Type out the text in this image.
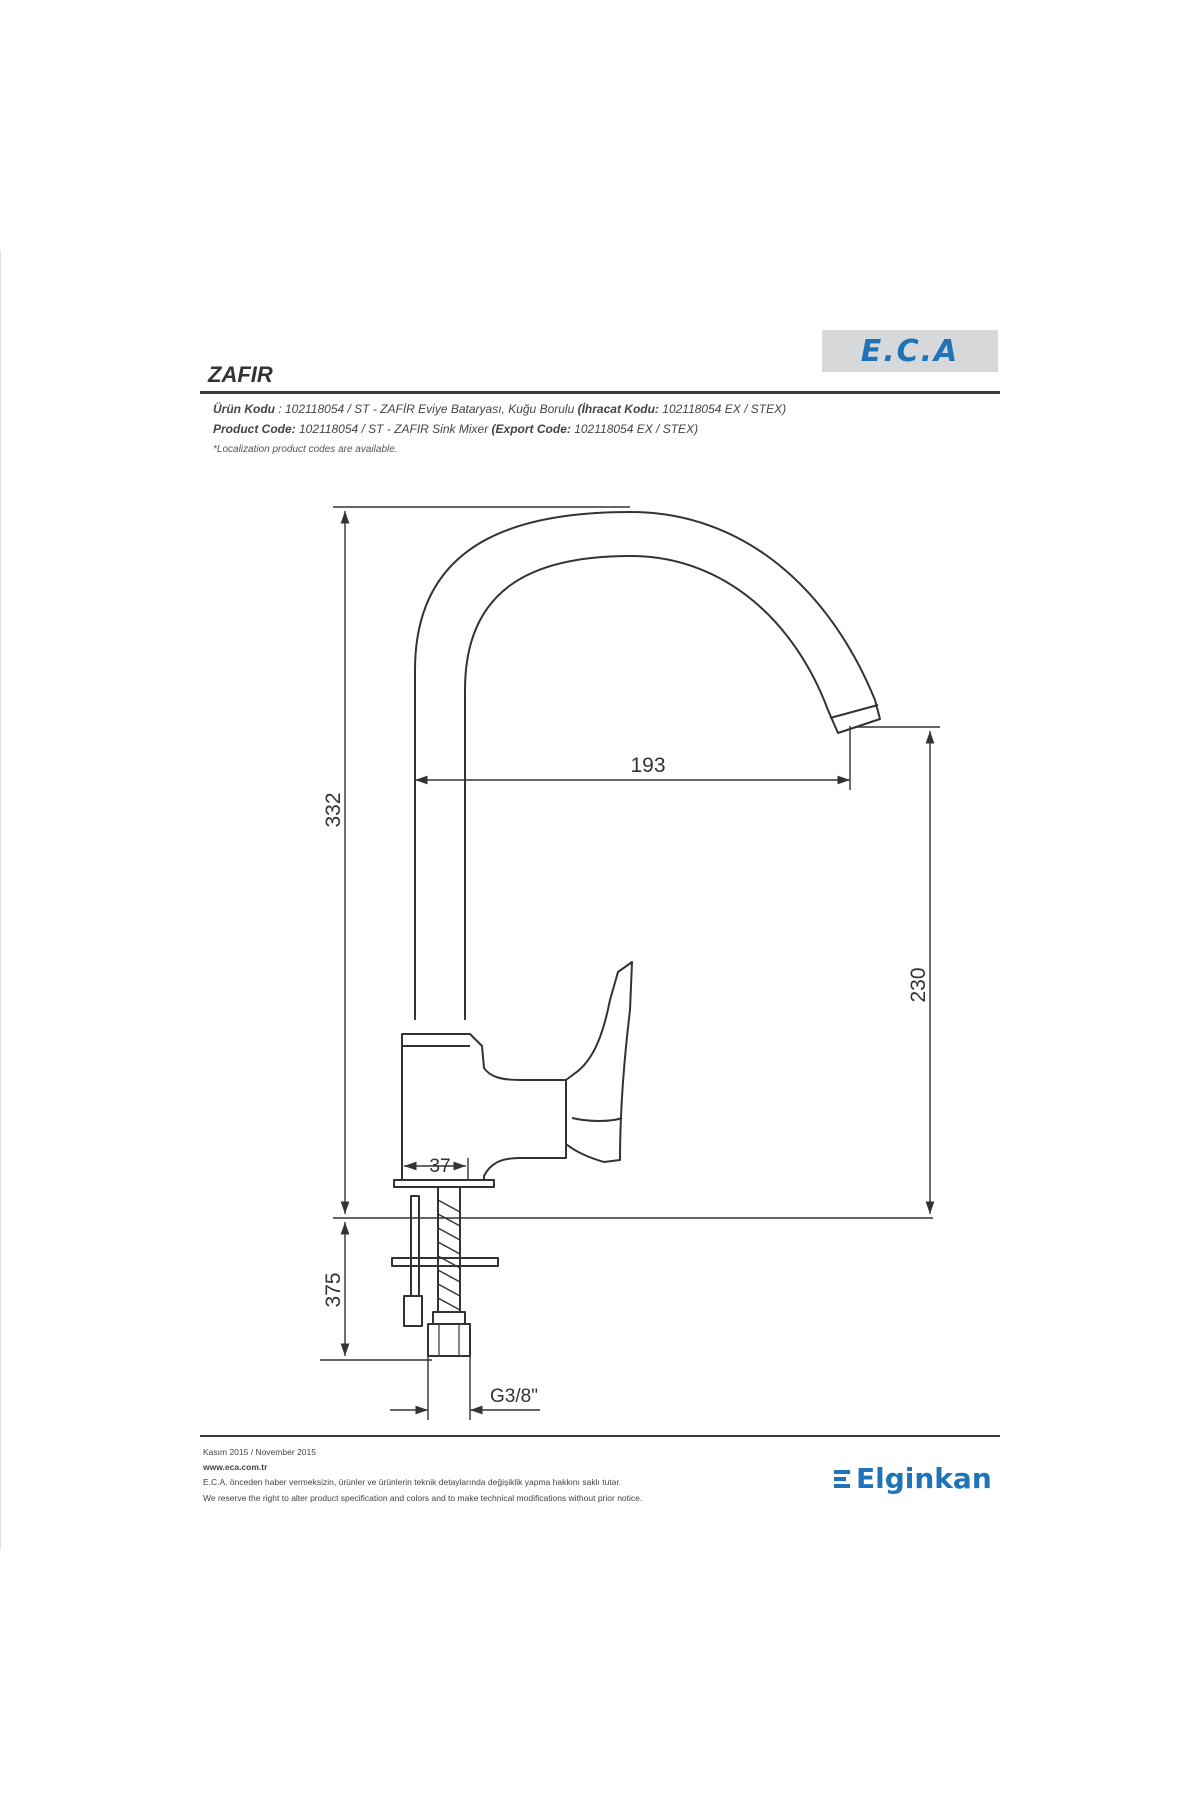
E.C.A
ZAFIR
Ürün Kodu : 102118054 / ST - ZAFİR Eviye Bataryası, Kuğu Borulu (İhracat Kodu: 102118054 EX / STEX)
Product Code: 102118054 / ST - ZAFIR Sink Mixer (Export Code: 102118054 EX / STEX)
*Localization product codes are available.
332
193
230
37
375
G3/8"
Kasım 2015 / November 2015
www.eca.com.tr
E.C.A. önceden haber vermeksizin, ürünler ve ürünlerin teknik detaylarında değişiklik yapma hakkını saklı tutar.
We reserve the right to alter product specification and colors and to make technical modifications without prior notice.
Elginkan
